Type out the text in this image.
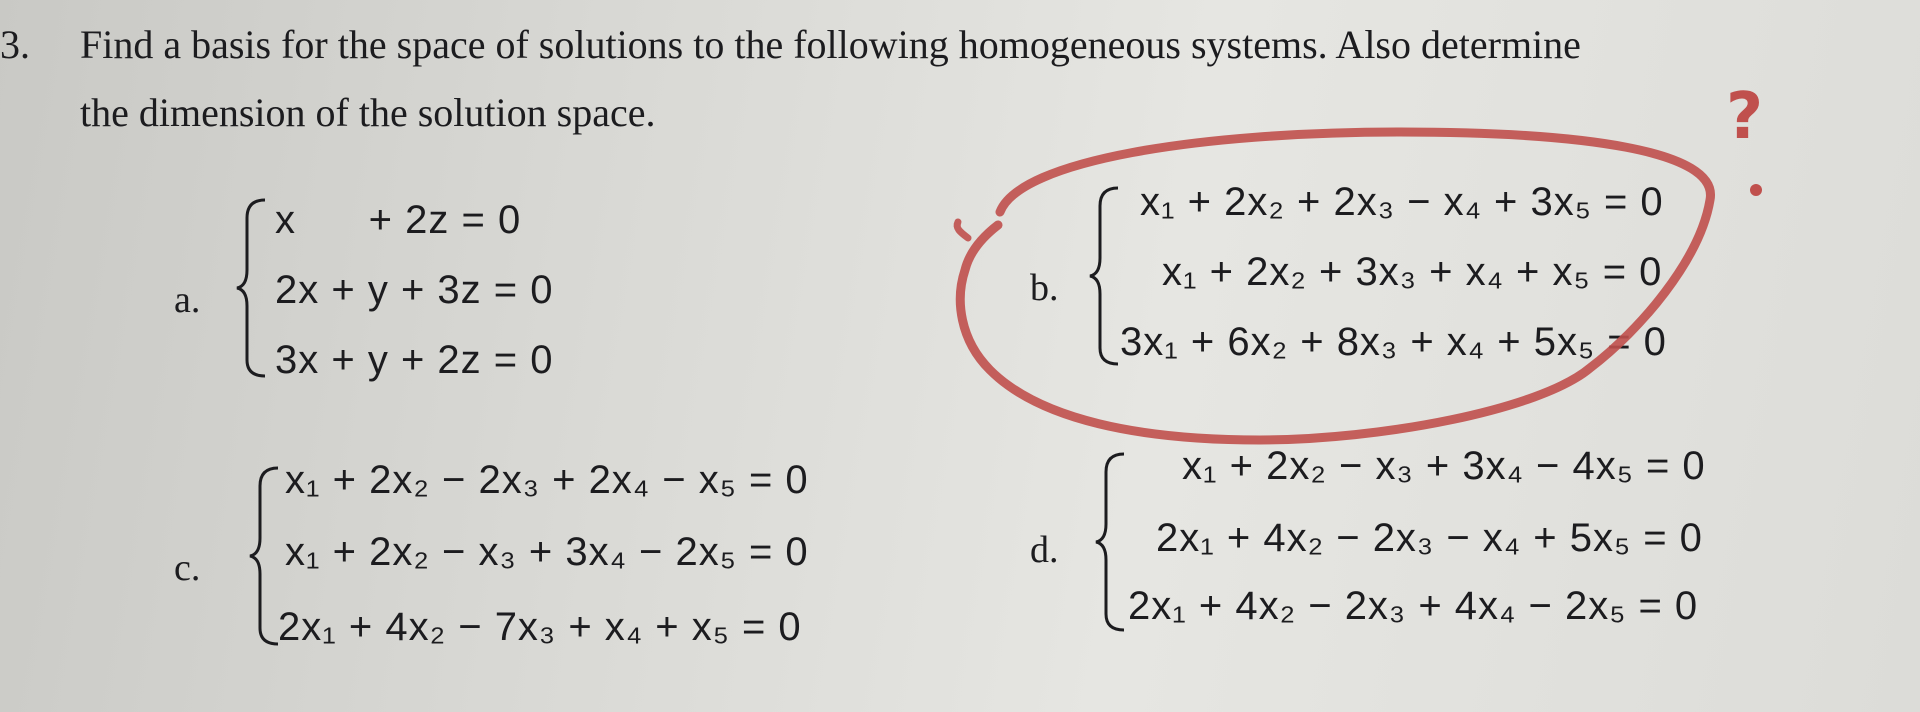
3. Find a basis for the space of solutions to the following homogeneous systems. Also determine
the dimension of the solution space.
a.
x      + 2z = 0
2x + y + 3z = 0
3x + y + 2z = 0
b.
x₁ + 2x₂ + 2x₃ − x₄ + 3x₅ = 0
x₁ + 2x₂ + 3x₃ + x₄ + x₅ = 0
3x₁ + 6x₂ + 8x₃ + x₄ + 5x₅ = 0
c.
x₁ + 2x₂ − 2x₃ + 2x₄ − x₅ = 0
x₁ + 2x₂ − x₃ + 3x₄ − 2x₅ = 0
2x₁ + 4x₂ − 7x₃ + x₄ + x₅ = 0
d.
x₁ + 2x₂ − x₃ + 3x₄ − 4x₅ = 0
2x₁ + 4x₂ − 2x₃ − x₄ + 5x₅ = 0
2x₁ + 4x₂ − 2x₃ + 4x₄ − 2x₅ = 0
?
